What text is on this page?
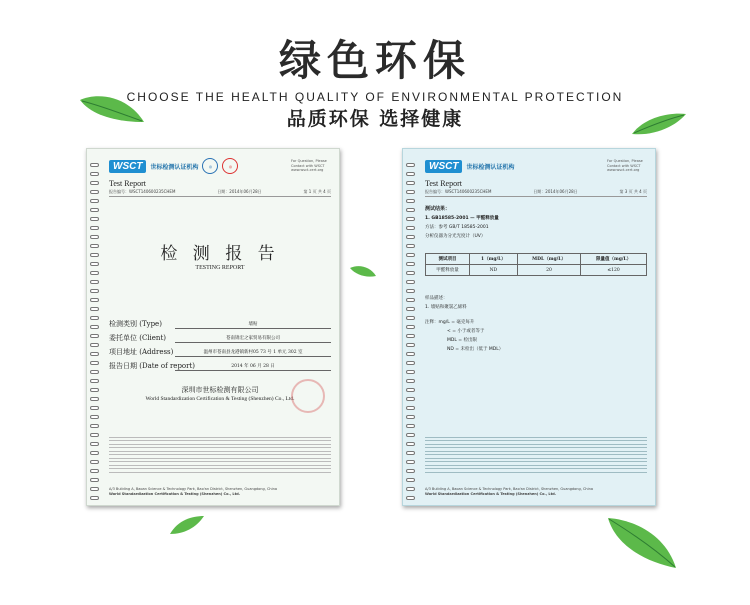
绿色环保
CHOOSE THE HEALTH QUALITY OF ENVIRONMENTAL PROTECTION
品质环保 选择健康
WSCT	世标检测认证机构	◎	◎
For Question, Please Contact with WSCT www.wsct-cert.org
Test Report
报告编号：WSCT140600235CHEM	日期：2014年06月28日	第 1 页 共 4 页
检 测 报 告
TESTING REPORT
检测类别 (Type)	墙贴
委托单位 (Client)	苍南锦宏之家贸易有限公司
项目地址 (Address)	温州市苍南县龙港镇新村05 73 号 1 单元 302 室
报告日期 (Date of report)	2014 年 06 月 28 日
深圳市世标检测有限公司
World Standardization Certification & Testing (Shenzhen) Co., Ltd.
A/3 Building A, Baoan Science & Technology Park, Bao'an District, Shenzhen, Guangdong, China
World Standardization Certification & Testing (Shenzhen) Co., Ltd.
WSCT	世标检测认证机构
For Question, Please Contact with WSCT www.wsct-cert.org
Test Report
报告编号：WSCT140600235CHEM	日期：2014年06月28日	第 3 页 共 4 页
测试结果：
1. GB18585-2001 — 甲醛释放量
方法：参考 GB/T 18585-2001
分析仪器为分光光度计（UV）
测试项目	1（mg/L）	MDL（mg/L）	限量值（mg/L）
甲醛释放量	ND	20	≤120
样品描述：
1. 墙贴和聚氯乙烯料
注释：mg/L = 毫克每升
< = 小于或者等于
MDL = 检出限
ND = 未检出（低于 MDL）
A/3 Building A, Baoan Science & Technology Park, Bao'an District, Shenzhen, Guangdong, China
World Standardization Certification & Testing (Shenzhen) Co., Ltd.
